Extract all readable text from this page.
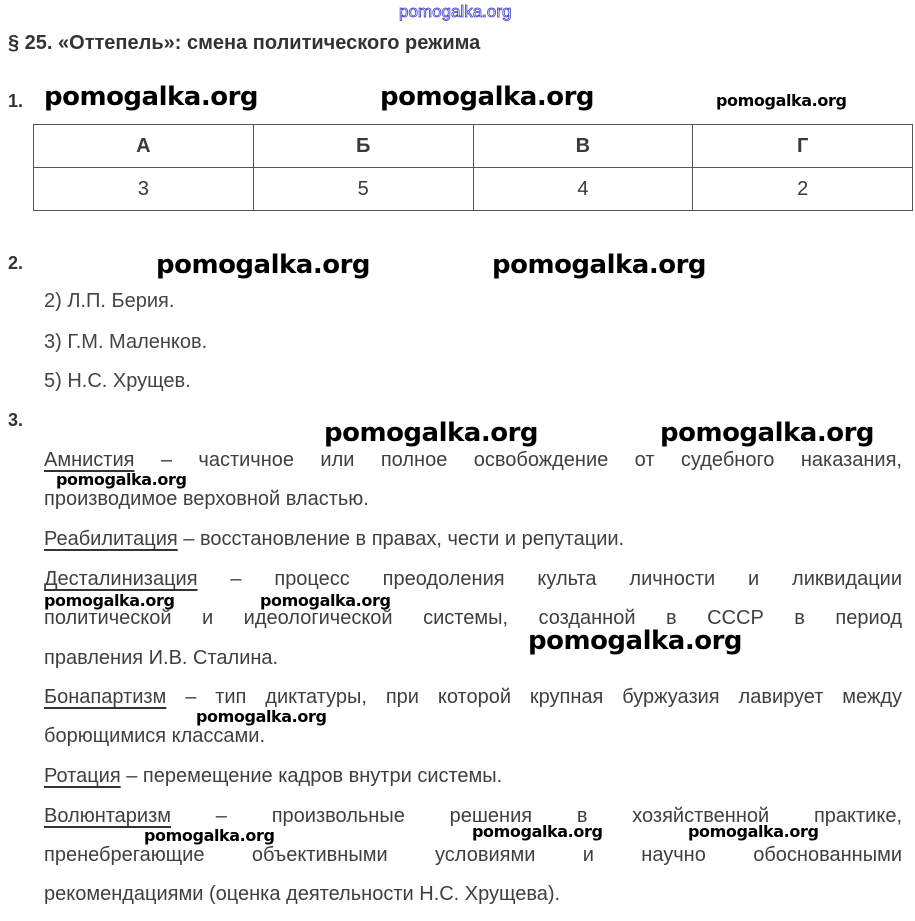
pomogalka.org
§ 25. «Оттепель»: смена политического режима
1. pomogalka.org	pomogalka.org	pomogalka.org
А	Б	В	Г
3	5	4	2
2.	pomogalka.org	pomogalka.org
2) Л.П. Берия.
3) Г.М. Маленков.
5) Н.С. Хрущев.
3.	pomogalka.org	pomogalka.org
Амнистия – частичное или полное освобождение от судебного наказания,
pomogalka.org
производимое верховной властью.
Реабилитация – восстановление в правах, чести и репутации.
Десталинизация – процесс преодоления культа личности и ликвидации
pomogalka.org	pomogalka.org
политической и идеологической системы, созданной в СССР в период
pomogalka.org
правления И.В. Сталина.
Бонапартизм – тип диктатуры, при которой крупная буржуазия лавирует между
pomogalka.org
борющимися классами.
Ротация – перемещение кадров внутри системы.
Волюнтаризм – произвольные решения в хозяйственной практике,
pomogalka.org	pomogalka.org	pomogalka.org
пренебрегающие объективными условиями и научно обоснованными
рекомендациями (оценка деятельности Н.С. Хрущева).
